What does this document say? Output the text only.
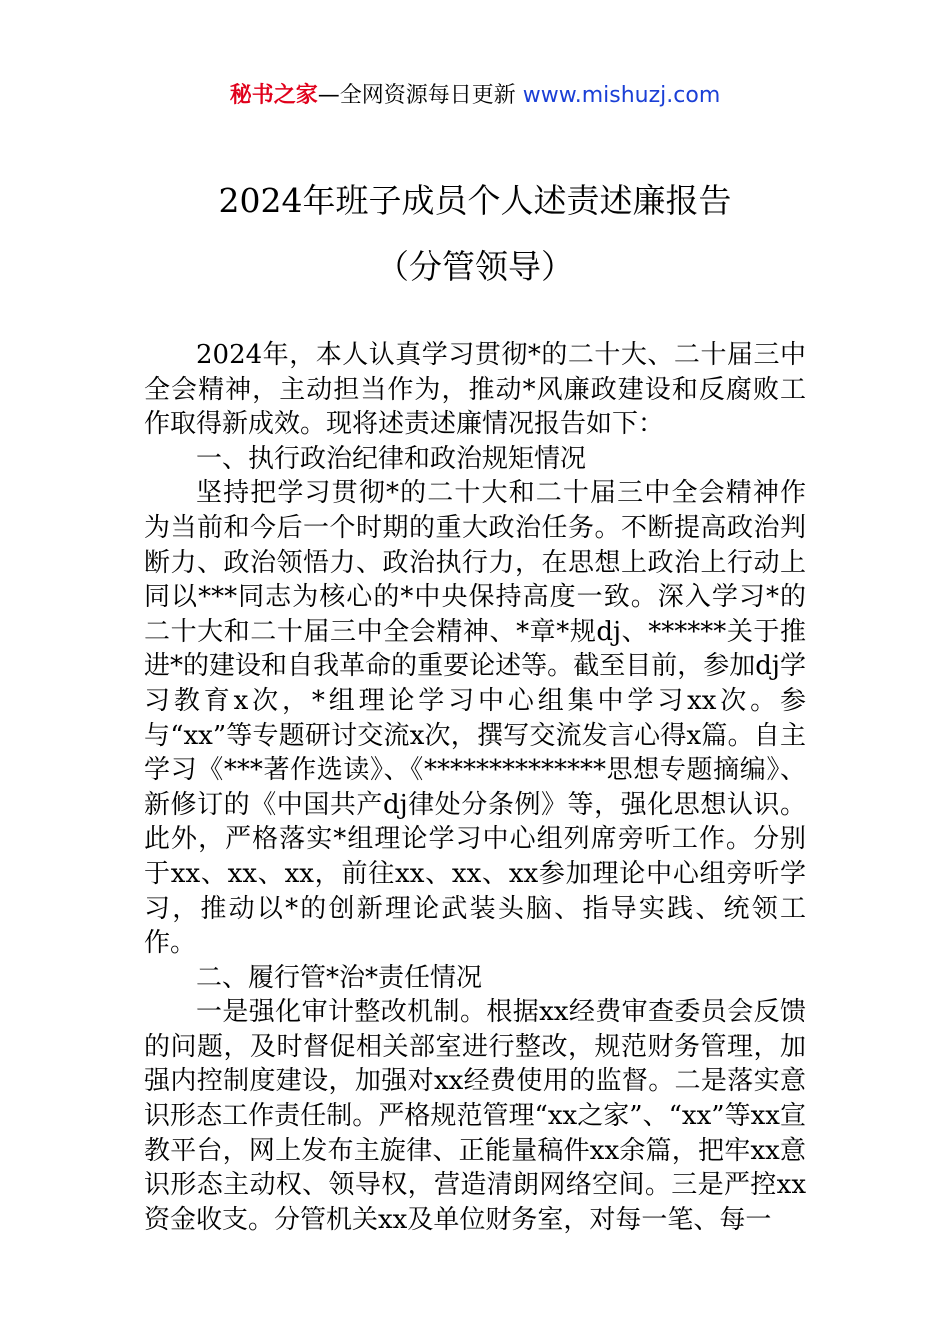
秘书之家—全网资源每日更新 www.mishuzj.com
2024年班子成员个人述责述廉报告
（分管领导）

2024年，本人认真学习贯彻*的二十大、二十届三中全会精神，主动担当作为，推动*风廉政建设和反腐败工作取得新成效。现将述责述廉情况报告如下：

一、执行政治纪律和政治规矩情况

坚持把学习贯彻*的二十大和二十届三中全会精神作为当前和今后一个时期的重大政治任务。不断提高政治判断力、政治领悟力、政治执行力，在思想上政治上行动上同以***同志为核心的*中央保持高度一致。深入学习*的二十大和二十届三中全会精神、*章*规dj、******关于推进*的建设和自我革命的重要论述等。截至目前，参加dj学习教育x次，*组理论学习中心组集中学习xx次。参与“xx”等专题研讨交流x次，撰写交流发言心得x篇。自主学习《***著作选读》、《**************思想专题摘编》、新修订的《中国共产dj律处分条例》等，强化思想认识。此外，严格落实*组理论学习中心组列席旁听工作。分别于xx、xx、xx，前往xx、xx、xx参加理论中心组旁听学习，推动以*的创新理论武装头脑、指导实践、统领工作。

二、履行管*治*责任情况

一是强化审计整改机制。根据xx经费审查委员会反馈的问题，及时督促相关部室进行整改，规范财务管理，加强内控制度建设，加强对xx经费使用的监督。二是落实意识形态工作责任制。严格规范管理“xx之家”、“xx”等xx宣教平台，网上发布主旋律、正能量稿件xx余篇，把牢xx意识形态主动权、领导权，营造清朗网络空间。三是严控xx资金收支。分管机关xx及单位财务室，对每一笔、每一
